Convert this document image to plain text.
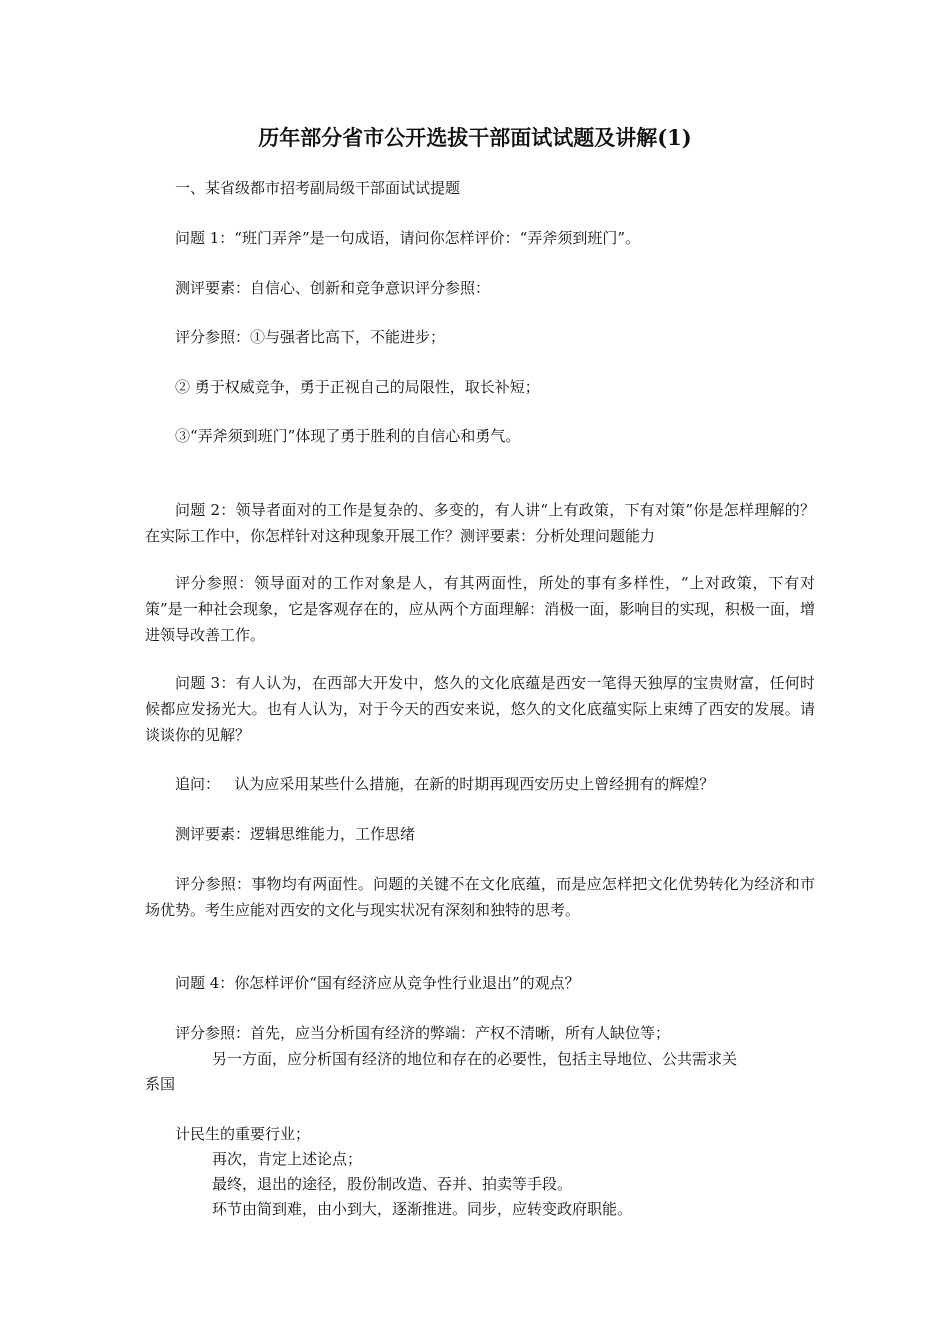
历年部分省市公开选拔干部面试试题及讲解(1)
一、某省级都市招考副局级干部面试试提题
问题 1：“班门弄斧”是一句成语，请问你怎样评价：“弄斧须到班门”。
测评要素：自信心、创新和竞争意识评分参照：
评分参照：①与强者比高下，不能进步；
② 勇于权威竞争，勇于正视自己的局限性，取长补短；
③“弄斧须到班门”体现了勇于胜利的自信心和勇气。
问题 2：领导者面对的工作是复杂的、多变的，有人讲“上有政策，下有对策”你是怎样理解的？在实际工作中，你怎样针对这种现象开展工作？测评要素：分析处理问题能力
评分参照：领导面对的工作对象是人，有其两面性，所处的事有多样性，“上对政策，下有对策”是一种社会现象，它是客观存在的，应从两个方面理解：消极一面，影响目的实现，积极一面，增进领导改善工作。
问题 3：有人认为，在西部大开发中，悠久的文化底蕴是西安一笔得天独厚的宝贵财富，任何时候都应发扬光大。也有人认为，对于今天的西安来说，悠久的文化底蕴实际上束缚了西安的发展。请谈谈你的见解？
追问：   认为应采用某些什么措施，在新的时期再现西安历史上曾经拥有的辉煌？
测评要素：逻辑思维能力，工作思绪
评分参照：事物均有两面性。问题的关键不在文化底蕴，而是应怎样把文化优势转化为经济和市场优势。考生应能对西安的文化与现实状况有深刻和独特的思考。
问题 4：你怎样评价“国有经济应从竞争性行业退出”的观点？
评分参照：首先，应当分析国有经济的弊端：产权不清晰，所有人缺位等；
另一方面，应分析国有经济的地位和存在的必要性，包括主导地位、公共需求关
系国
计民生的重要行业；
再次，肯定上述论点；
最终，退出的途径，股份制改造、吞并、拍卖等手段。
环节由简到难，由小到大，逐渐推进。同步，应转变政府职能。
